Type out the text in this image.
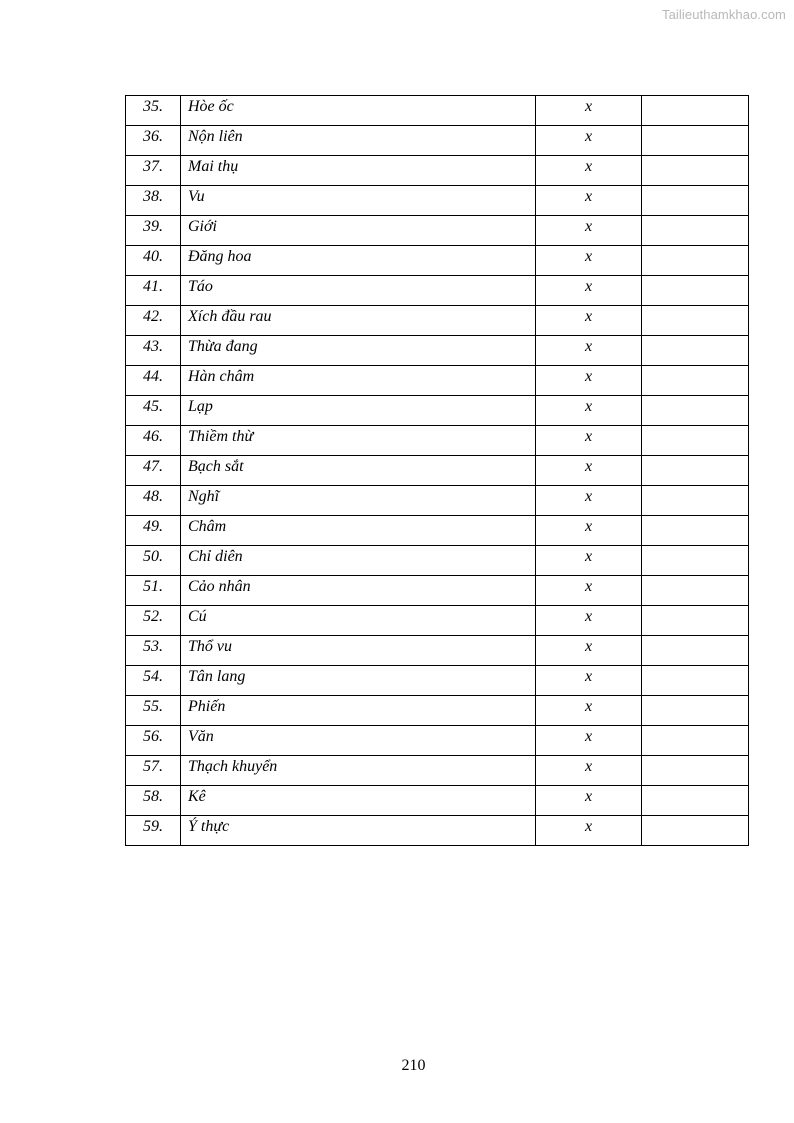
Tailieuthamkhao.com
35.	Hòe ốc	x	
36.	Nộn liên	x	
37.	Mai thụ	x	
38.	Vu	x	
39.	Giới	x	
40.	Đăng hoa	x	
41.	Táo	x	
42.	Xích đầu rau	x	
43.	Thừa đang	x	
44.	Hàn châm	x	
45.	Lạp	x	
46.	Thiềm thừ	x	
47.	Bạch sắt	x	
48.	Nghĩ	x	
49.	Châm	x	
50.	Chỉ diên	x	
51.	Cảo nhân	x	
52.	Cú	x	
53.	Thổ vu	x	
54.	Tân lang	x	
55.	Phiến	x	
56.	Văn	x	
57.	Thạch khuyển	x	
58.	Kê	x	
59.	Ý thực	x	
210
